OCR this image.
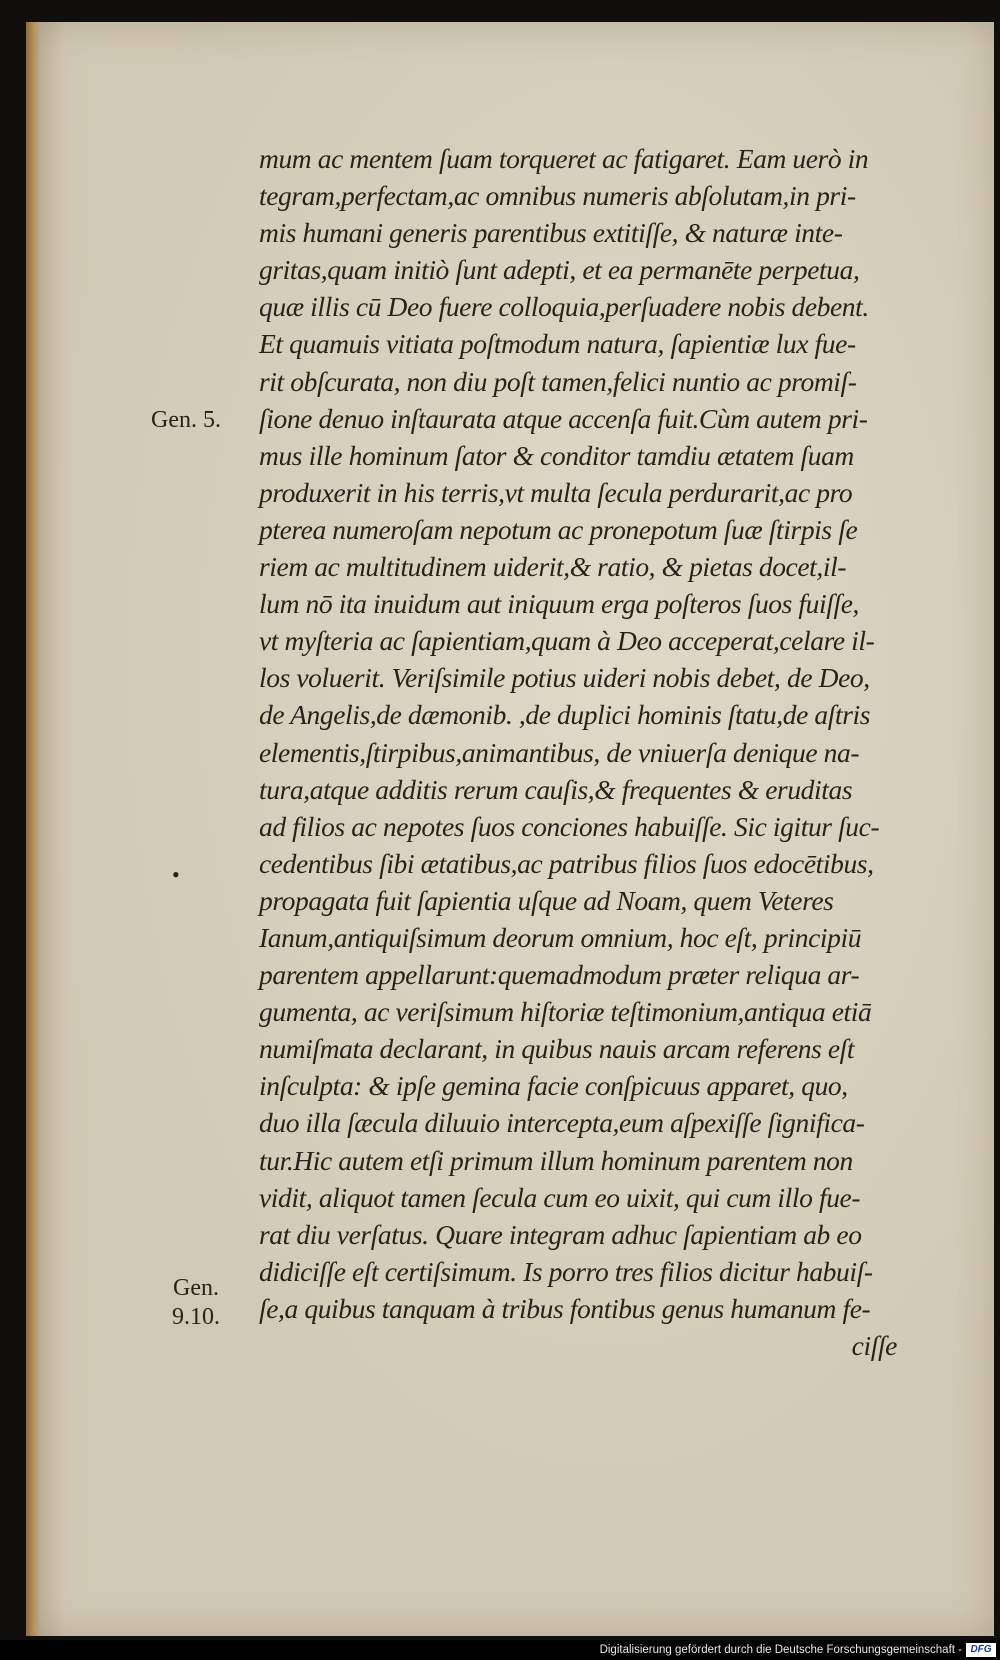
mum ac mentem ſuam torqueret ac fatigaret. Eam uerò in
tegram,perfectam,ac omnibus numeris abſolutam,in pri-
mis humani generis parentibus extitiſſe, & naturæ inte-
gritas,quam initiò ſunt adepti, et ea permanēte perpetua,
quæ illis cū Deo fuere colloquia,perſuadere nobis debent.
Et quamuis vitiata poſtmodum natura, ſapientiæ lux fue-
rit obſcurata, non diu poſt tamen,felici nuntio ac promiſ-
ſione denuo inſtaurata atque accenſa fuit.Cùm autem pri-
mus ille hominum ſator & conditor tamdiu ætatem ſuam
produxerit in his terris,vt multa ſecula perdurarit,ac pro
pterea numeroſam nepotum ac pronepotum ſuæ ſtirpis ſe
riem ac multitudinem uiderit,& ratio, & pietas docet,il-
lum nō ita inuidum aut iniquum erga poſteros ſuos fuiſſe,
vt myſteria ac ſapientiam,quam à Deo acceperat,celare il-
los voluerit. Veriſsimile potius uideri nobis debet, de Deo,
de Angelis,de dæmonib. ,de duplici hominis ſtatu,de aſtris
elementis,ſtirpibus,animantibus, de vniuerſa denique na-
tura,atque additis rerum cauſis,& frequentes & eruditas
ad filios ac nepotes ſuos conciones habuiſſe. Sic igitur ſuc-
cedentibus ſibi ætatibus,ac patribus filios ſuos edocētibus,
propagata fuit ſapientia uſque ad Noam, quem Veteres
Ianum,antiquiſsimum deorum omnium, hoc eſt, principiū
parentem appellarunt:quemadmodum præter reliqua ar-
gumenta, ac veriſsimum hiſtoriæ teſtimonium,antiqua etiā
numiſmata declarant, in quibus nauis arcam referens eſt
inſculpta: & ipſe gemina facie conſpicuus apparet, quo,
duo illa ſæcula diluuio intercepta,eum aſpexiſſe ſignifica-
tur.Hic autem etſi primum illum hominum parentem non
vidit, aliquot tamen ſecula cum eo uixit, qui cum illo fue-
rat diu verſatus. Quare integram adhuc ſapientiam ab eo
didiciſſe eſt certiſsimum. Is porro tres filios dicitur habuiſ-
ſe,a quibus tanquam à tribus fontibus genus humanum fe-
ciſſe
Gen. 5.
•
Gen.
9.10.
Digitalisierung gefördert durch die Deutsche Forschungsgemeinschaft - DFG
